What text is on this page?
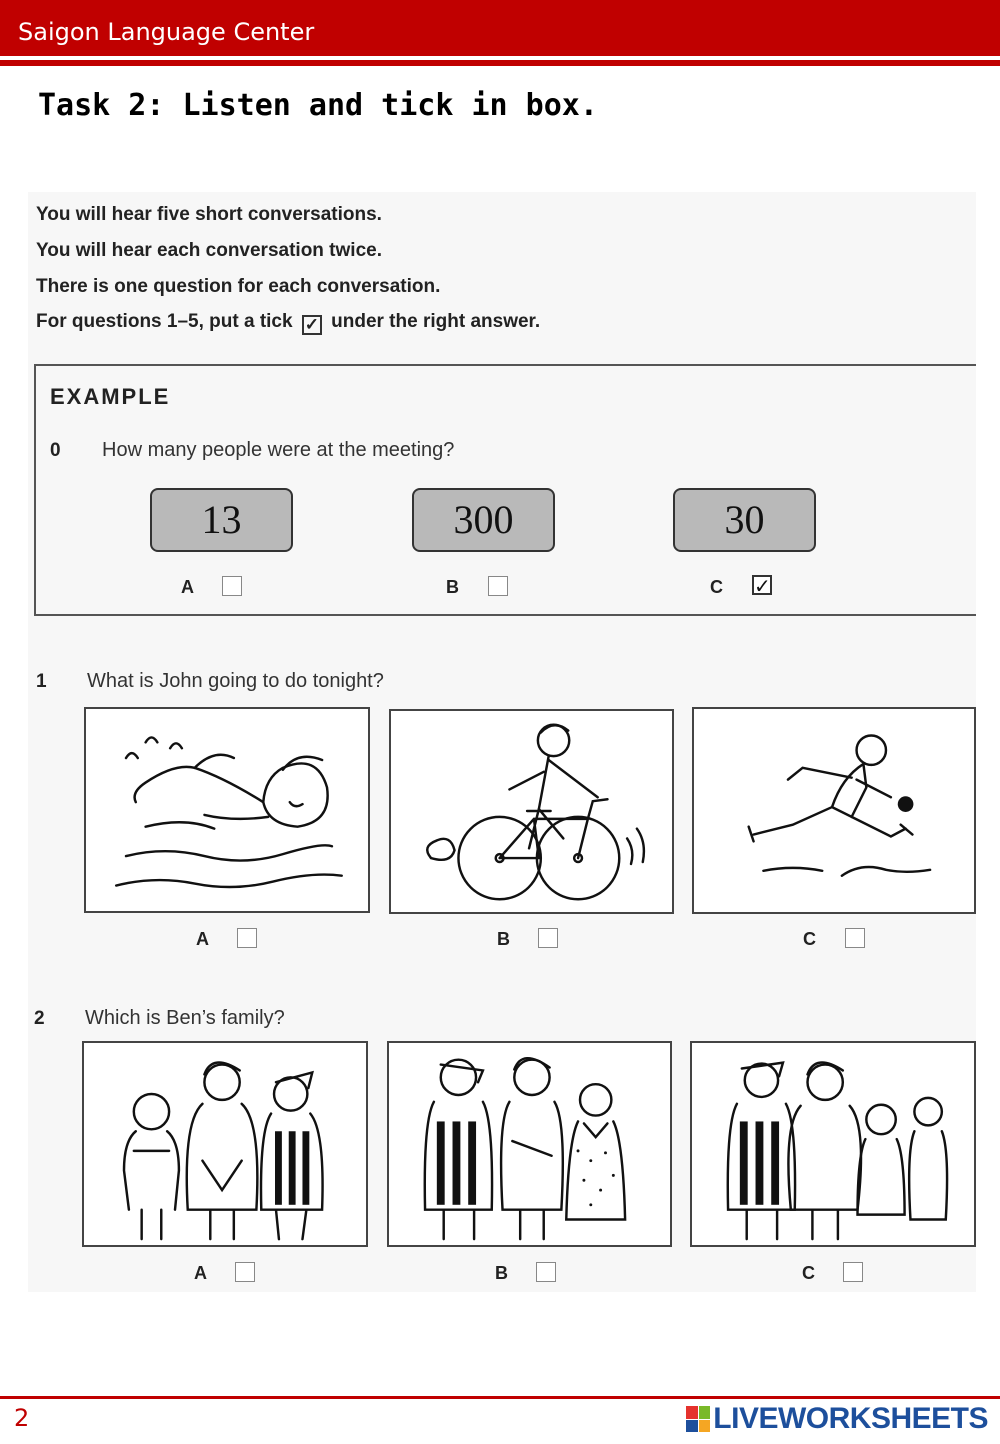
Saigon Language Center
Task 2: Listen and tick in box.
You will hear five short conversations.
You will hear each conversation twice.
There is one question for each conversation.
For questions 1–5, put a tick ✓ under the right answer.
EXAMPLE
0 How many people were at the meeting?
13	300	30
A	B	C ✓
1 What is John going to do tonight?
A	B	C
2 Which is Ben’s family?
A	B	C
2	LIVEWORKSHEETS
